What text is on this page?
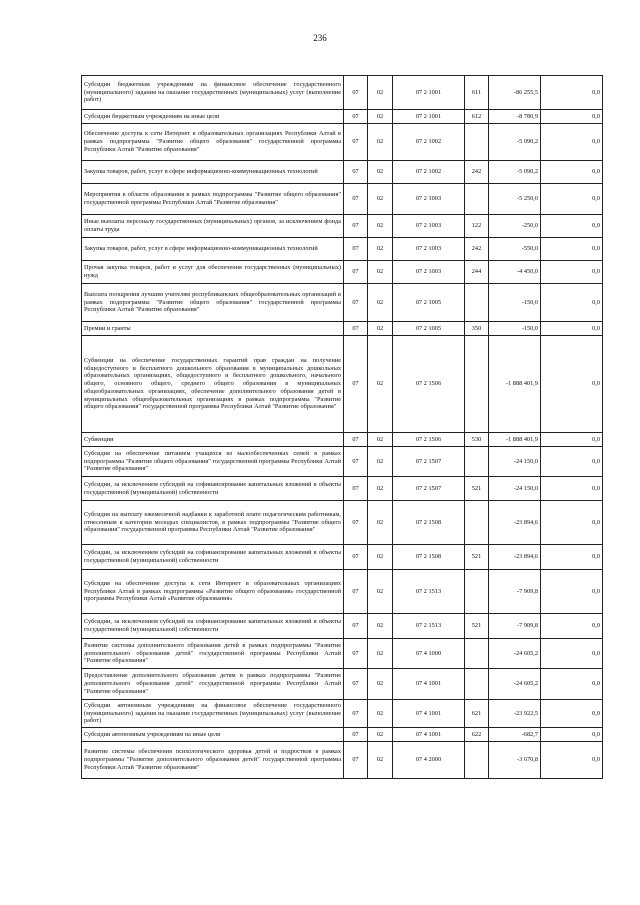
236
Субсидии бюджетным учреждениям на финансовое обеспечение государственного (муниципального) задания на оказание государственных (муниципальных) услуг (выполнение работ)	07	02	07 2 1001	611	-86 255,5	0,0
Субсидии бюджетным учреждениям на иные цели	07	02	07 2 1001	612	-8 780,9	0,0
Обеспечение доступа к сети Интернет в образовательных организациях Республики Алтай в рамках подпрограммы "Развитие общего образования" государственной программы Республики Алтай "Развитие образования"	07	02	07 2 1002		-5 090,2	0,0
Закупка товаров, работ, услуг в сфере информационно-коммуникационных технологий	07	02	07 2 1002	242	-5 090,2	0,0
Мероприятия в области образования в рамках подпрограммы "Развитие общего образования" государственной программы Республики Алтай "Развитие образования"	07	02	07 2 1003		-5 250,0	0,0
Иные выплаты персоналу государственных (муниципальных) органов, за исключением фонда оплаты труда	07	02	07 2 1003	122	-250,0	0,0
Закупка товаров, работ, услуг в сфере информационно-коммуникационных технологий	07	02	07 2 1003	242	-550,0	0,0
Прочая закупка товаров, работ и услуг для обеспечения государственных (муниципальных) нужд	07	02	07 2 1003	244	-4 450,0	0,0
Выплата поощрения лучшим учителям республиканских общеобразовательных организаций в рамках подпрограммы "Развитие общего образования" государственной программы Республики Алтай "Развитие образования"	07	02	07 2 1005		-150,0	0,0
Премии и гранты	07	02	07 2 1005	350	-150,0	0,0
Субвенции на обеспечение государственных гарантий прав граждан на получение общедоступного и бесплатного дошкольного образования в муниципальных дошкольных образовательных организациях, общедоступного и бесплатного дошкольного, начального общего, основного общего, среднего общего образования в муниципальных общеобразовательных организациях, обеспечение дополнительного образования детей в муниципальных общеобразовательных организациях в рамках подпрограммы "Развитие общего образования" государственной программы Республики Алтай "Развитие образования"	07	02	07 2 1506		-1 888 401,9	0,0
Субвенции	07	02	07 2 1506	530	-1 888 401,9	0,0
Субсидия на обеспечение питанием учащихся из малообеспеченных семей в рамках подпрограммы "Развитие общего образования" государственной программы Республики Алтай "Развитие образования"	07	02	07 2 1507		-24 150,0	0,0
Субсидии, за исключением субсидий на софинансирование капитальных вложений в объекты государственной (муниципальной) собственности	07	02	07 2 1507	521	-24 150,0	0,0
Субсидия на выплату ежемесячной надбавки к заработной плате педагогическим работникам, отнесенным к категории молодых специалистов, в рамках подпрограммы "Развитие общего образования" государственной программы Республики Алтай "Развитие образования"	07	02	07 2 1508		-23 894,6	0,0
Субсидии, за исключением субсидий на софинансирование капитальных вложений в объекты государственной (муниципальной) собственности	07	02	07 2 1508	521	-23 894,6	0,0
Субсидия на обеспечение доступа к сети Интернет в образовательных организациях Республики Алтай в рамках подпрограммы «Развитие общего образования» государственной программы Республики Алтай «Развитие образования»	07	02	07 2 1513		-7 909,8	0,0
Субсидии, за исключением субсидий на софинансирование капитальных вложений в объекты государственной (муниципальной) собственности	07	02	07 2 1513	521	-7 909,8	0,0
Развитие системы дополнительного образования детей в рамках подпрограммы "Развитие дополнительного образования детей" государственной программы Республики Алтай "Развитие образования"	07	02	07 4 1000		-24 605,2	0,0
Предоставление дополнительного образования детям в рамках подпрограммы "Развитие дополнительного образования детей" государственной программы Республики Алтай "Развитие образования"	07	02	07 4 1001		-24 605,2	0,0
Субсидии автономным учреждениям на финансовое обеспечение государственного (муниципального) задания на оказание государственных (муниципальных) услуг (выполнение работ)	07	02	07 4 1001	621	-23 922,5	0,0
Субсидии автономным учреждениям на иные цели	07	02	07 4 1001	622	-682,7	0,0
Развитие системы обеспечения психологического здоровья детей и подростков в рамках подпрограммы "Развитие дополнительного образования детей" государственной программы Республики Алтай "Развитие образования"	07	02	07 4 2000		-3 670,8	0,0
